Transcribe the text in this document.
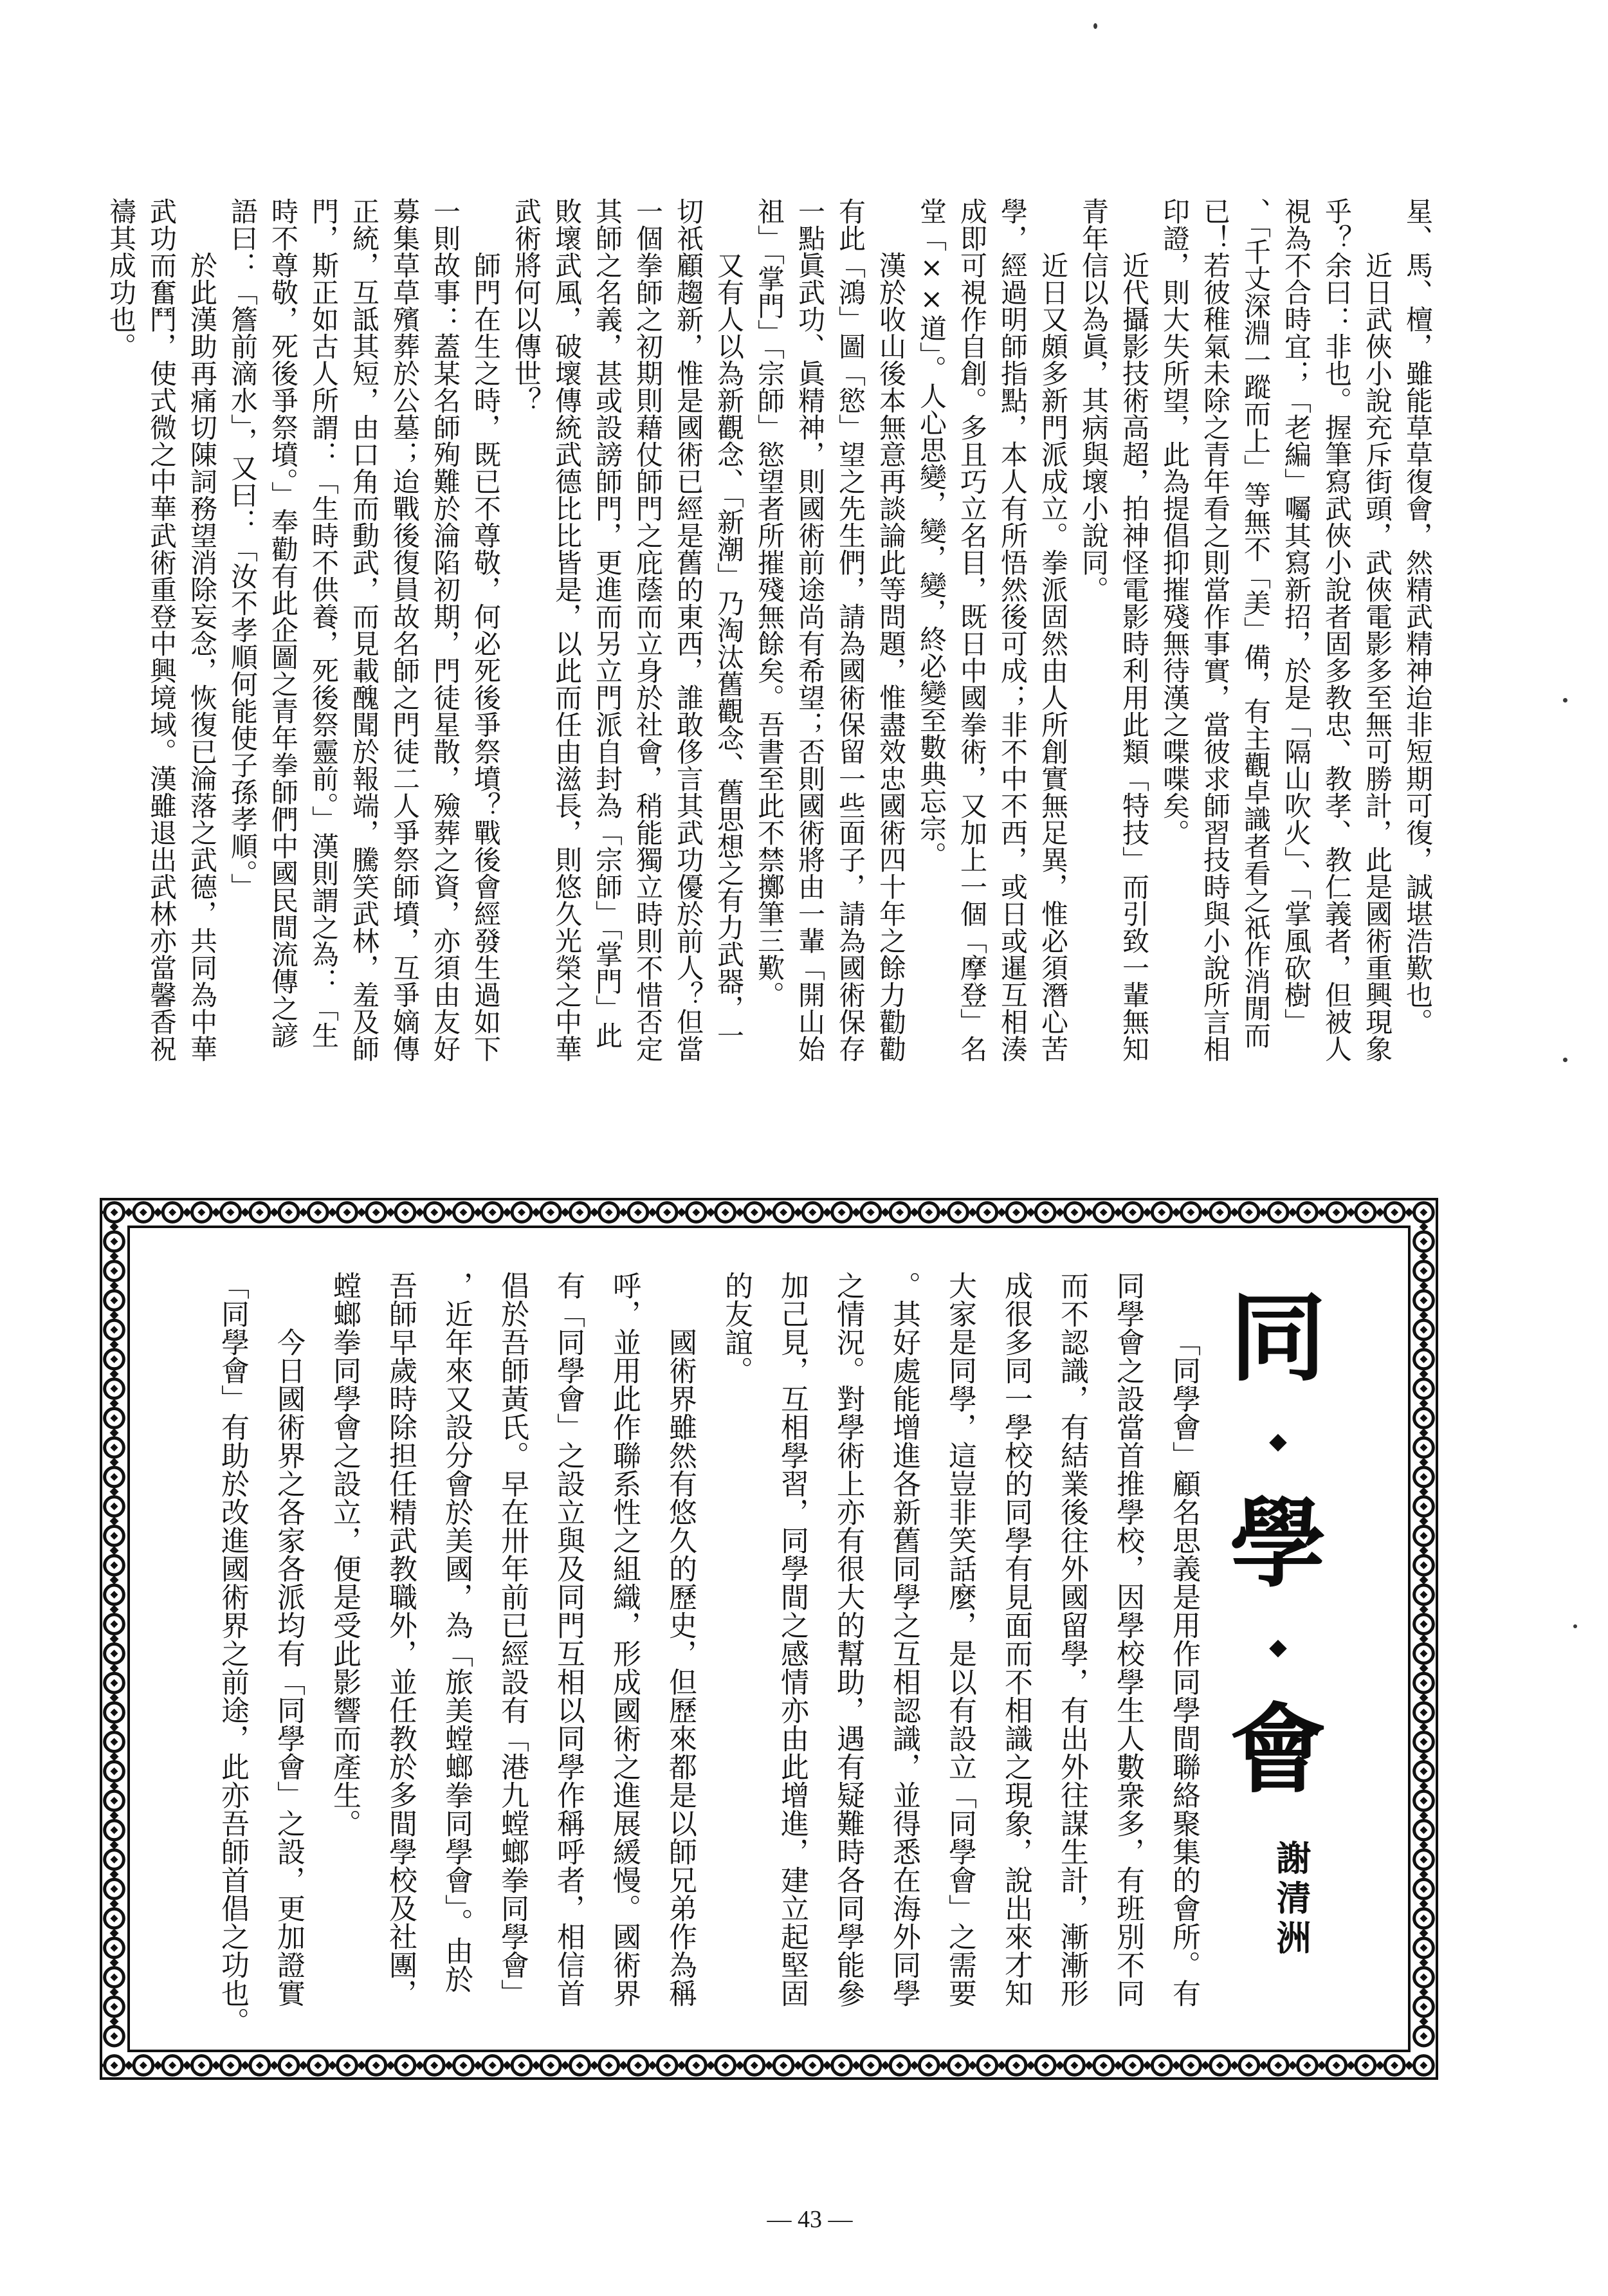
星、馬、檀，雖能草草復會，然精武精神迨非短期可復，誠堪浩歎也。
近日武俠小說充斥街頭，武俠電影多至無可勝計，此是國術重興現象
乎？余曰：非也。握筆寫武俠小說者固多教忠、教孝、教仁義者，但被人
視為不合時宜；「老編」囑其寫新招，於是「隔山吹火」、「掌風砍樹」
、「千丈深淵一蹤而上」等無不「美」備，有主觀卓識者看之祇作消閒而
已！若彼稚氣未除之青年看之則當作事實，當彼求師習技時與小說所言相
印證，則大失所望，此為提倡抑摧殘無待漢之喋喋矣。
近代攝影技術高超，拍神怪電影時利用此類「特技」而引致一輩無知
青年信以為眞，其病與壞小說同。
近日又頗多新門派成立。拳派固然由人所創實無足異，惟必須潛心苦
學，經過明師指點，本人有所悟然後可成；非不中不西，或日或暹互相湊
成即可視作自創。多且巧立名目，既日中國拳術，又加上一個「摩登」名
堂「××道」。人心思變，變，變，終必變至數典忘宗。
漢於收山後本無意再談論此等問題，惟盡效忠國術四十年之餘力勸勸
有此「鴻」圖「慾」望之先生們，請為國術保留一些面子，請為國術保存
一點眞武功、眞精神，則國術前途尚有希望；否則國術將由一輩「開山始
祖」「掌門」「宗師」慾望者所摧殘無餘矣。吾書至此不禁擲筆三歎。
又有人以為新觀念、「新潮」乃淘汰舊觀念、舊思想之有力武器，一
切祇顧趨新，惟是國術已經是舊的東西，誰敢侈言其武功優於前人？但當
一個拳師之初期則藉仗師門之庇蔭而立身於社會，稍能獨立時則不惜否定
其師之名義，甚或設謗師門，更進而另立門派自封為「宗師」「掌門」此
敗壞武風，破壞傳統武德比比皆是，以此而任由滋長，則悠久光榮之中華
武術將何以傳世？
師門在生之時，既已不尊敬，何必死後爭祭墳？戰後會經發生過如下
一則故事：蓋某名師殉難於淪陷初期，門徒星散，殮葬之資，亦須由友好
募集草草殯葬於公墓；迨戰後復員故名師之門徒二人爭祭師墳，互爭嫡傳
正統，互詆其短，由口角而動武，而見載醜聞於報端，騰笑武林，羞及師
門，斯正如古人所謂：「生時不供養，死後祭靈前。」漢則謂之為：「生
時不尊敬，死後爭祭墳。」奉勸有此企圖之青年拳師們中國民間流傳之諺
語曰：「簷前滴水」，又曰：「汝不孝順何能使子孫孝順。」
於此漢助再痛切陳詞務望消除妄念，恢復已淪落之武德，共同為中華
武功而奮鬥，使式微之中華武術重登中興境域。漢雖退出武林亦當馨香祝
禱其成功也。
同
◆
學
◆
會
謝清洲
「同學會」顧名思義是用作同學間聯絡聚集的會所。有
同學會之設當首推學校，因學校學生人數衆多，有班別不同
而不認識，有結業後往外國留學，有出外往謀生計，漸漸形
成很多同一學校的同學有見面而不相識之現象，說出來才知
大家是同學，這豈非笑話麼，是以有設立「同學會」之需要
。其好處能增進各新舊同學之互相認識，並得悉在海外同學
之情況。對學術上亦有很大的幫助，遇有疑難時各同學能參
加己見，互相學習，同學間之感情亦由此增進，建立起堅固
的友誼。
國術界雖然有悠久的歷史，但歷來都是以師兄弟作為稱
呼，並用此作聯系性之組織，形成國術之進展緩慢。國術界
有「同學會」之設立與及同門互相以同學作稱呼者，相信首
倡於吾師黃氏。早在卅年前已經設有「港九螳螂拳同學會」
，近年來又設分會於美國，為「旅美螳螂拳同學會」。由於
吾師早歲時除担任精武教職外，並任教於多間學校及社團，
螳螂拳同學會之設立，便是受此影響而產生。
今日國術界之各家各派均有「同學會」之設，更加證實
「同學會」有助於改進國術界之前途，此亦吾師首倡之功也。
— 43 —
